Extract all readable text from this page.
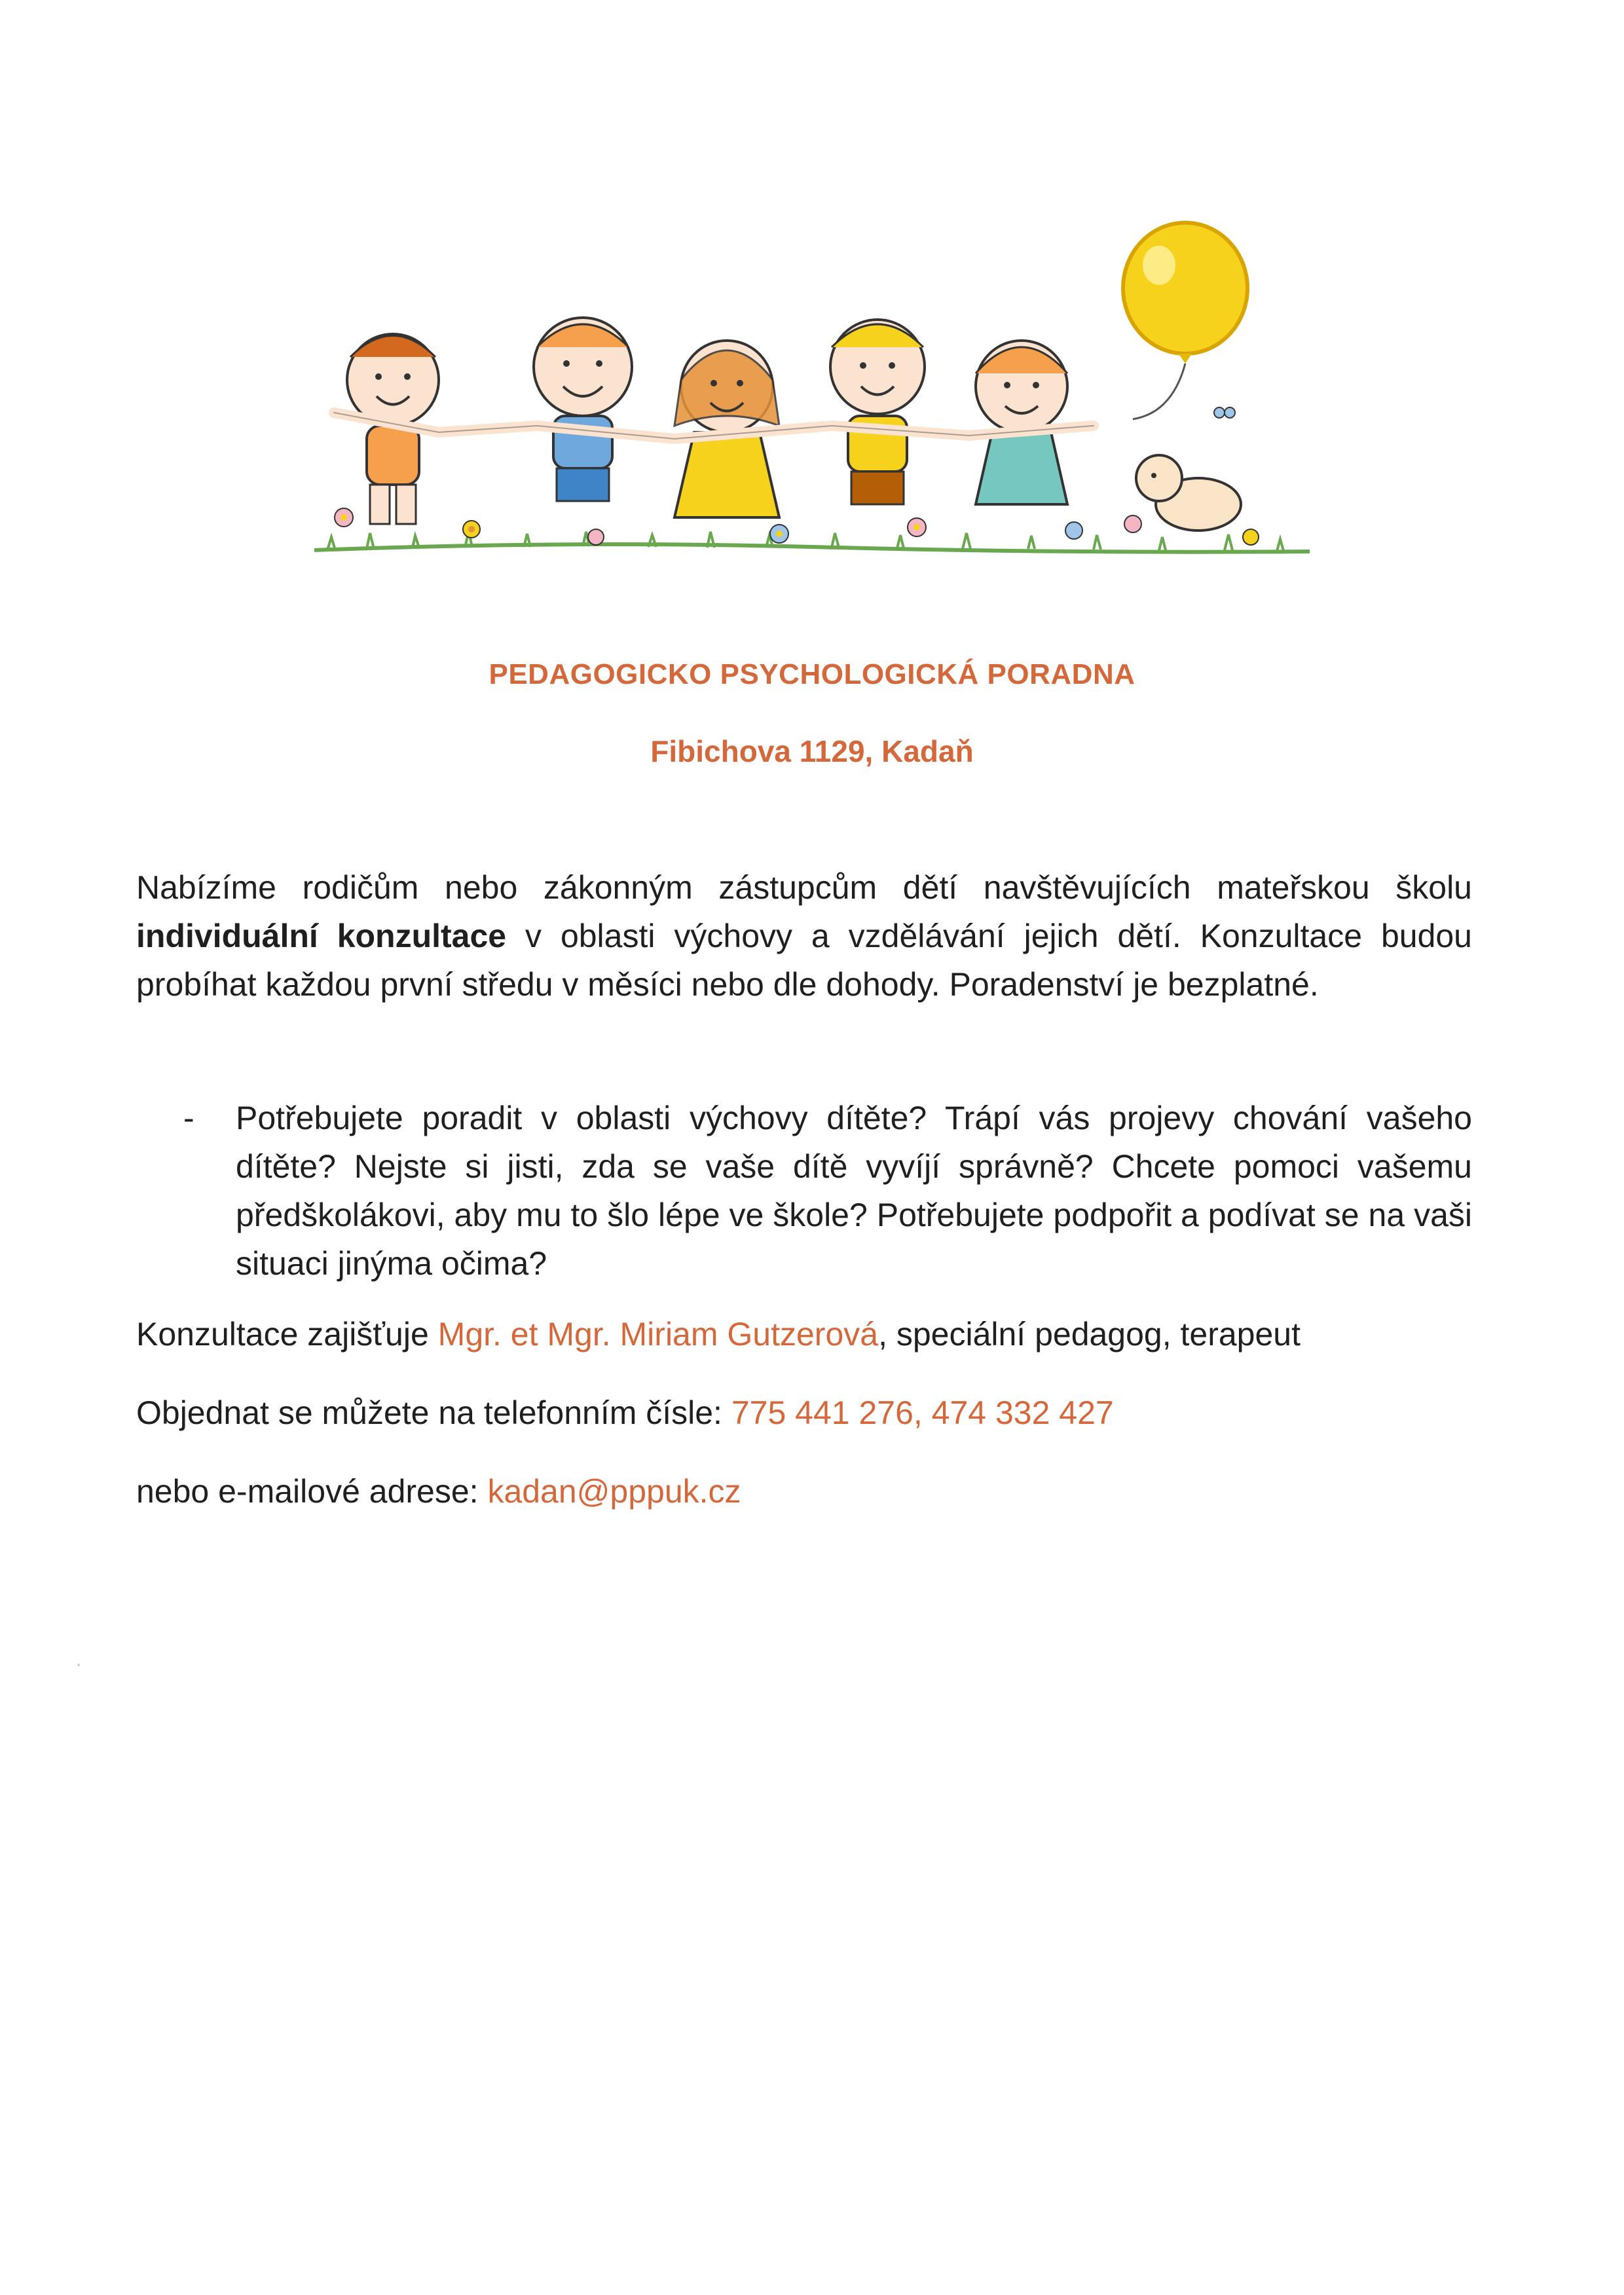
PEDAGOGICKO PSYCHOLOGICKÁ PORADNA
Fibichova 1129, Kadaň

Nabízíme rodičům nebo zákonným zástupcům dětí navštěvujících mateřskou školu individuální konzultace v oblasti výchovy a vzdělávání jejich dětí. Konzultace budou probíhat každou první středu v měsíci nebo dle dohody. Poradenství je bezplatné.

- Potřebujete poradit v oblasti výchovy dítěte? Trápí vás projevy chování vašeho dítěte? Nejste si jisti, zda se vaše dítě vyvíjí správně? Chcete pomoci vašemu předškolákovi, aby mu to šlo lépe ve škole? Potřebujete podpořit a podívat se na vaši situaci jinýma očima?

Konzultace zajišťuje Mgr. et Mgr. Miriam Gutzerová, speciální pedagog, terapeut

Objednat se můžete na telefonním čísle: 775 441 276, 474 332 427

nebo e-mailové adrese: kadan@pppuk.cz
